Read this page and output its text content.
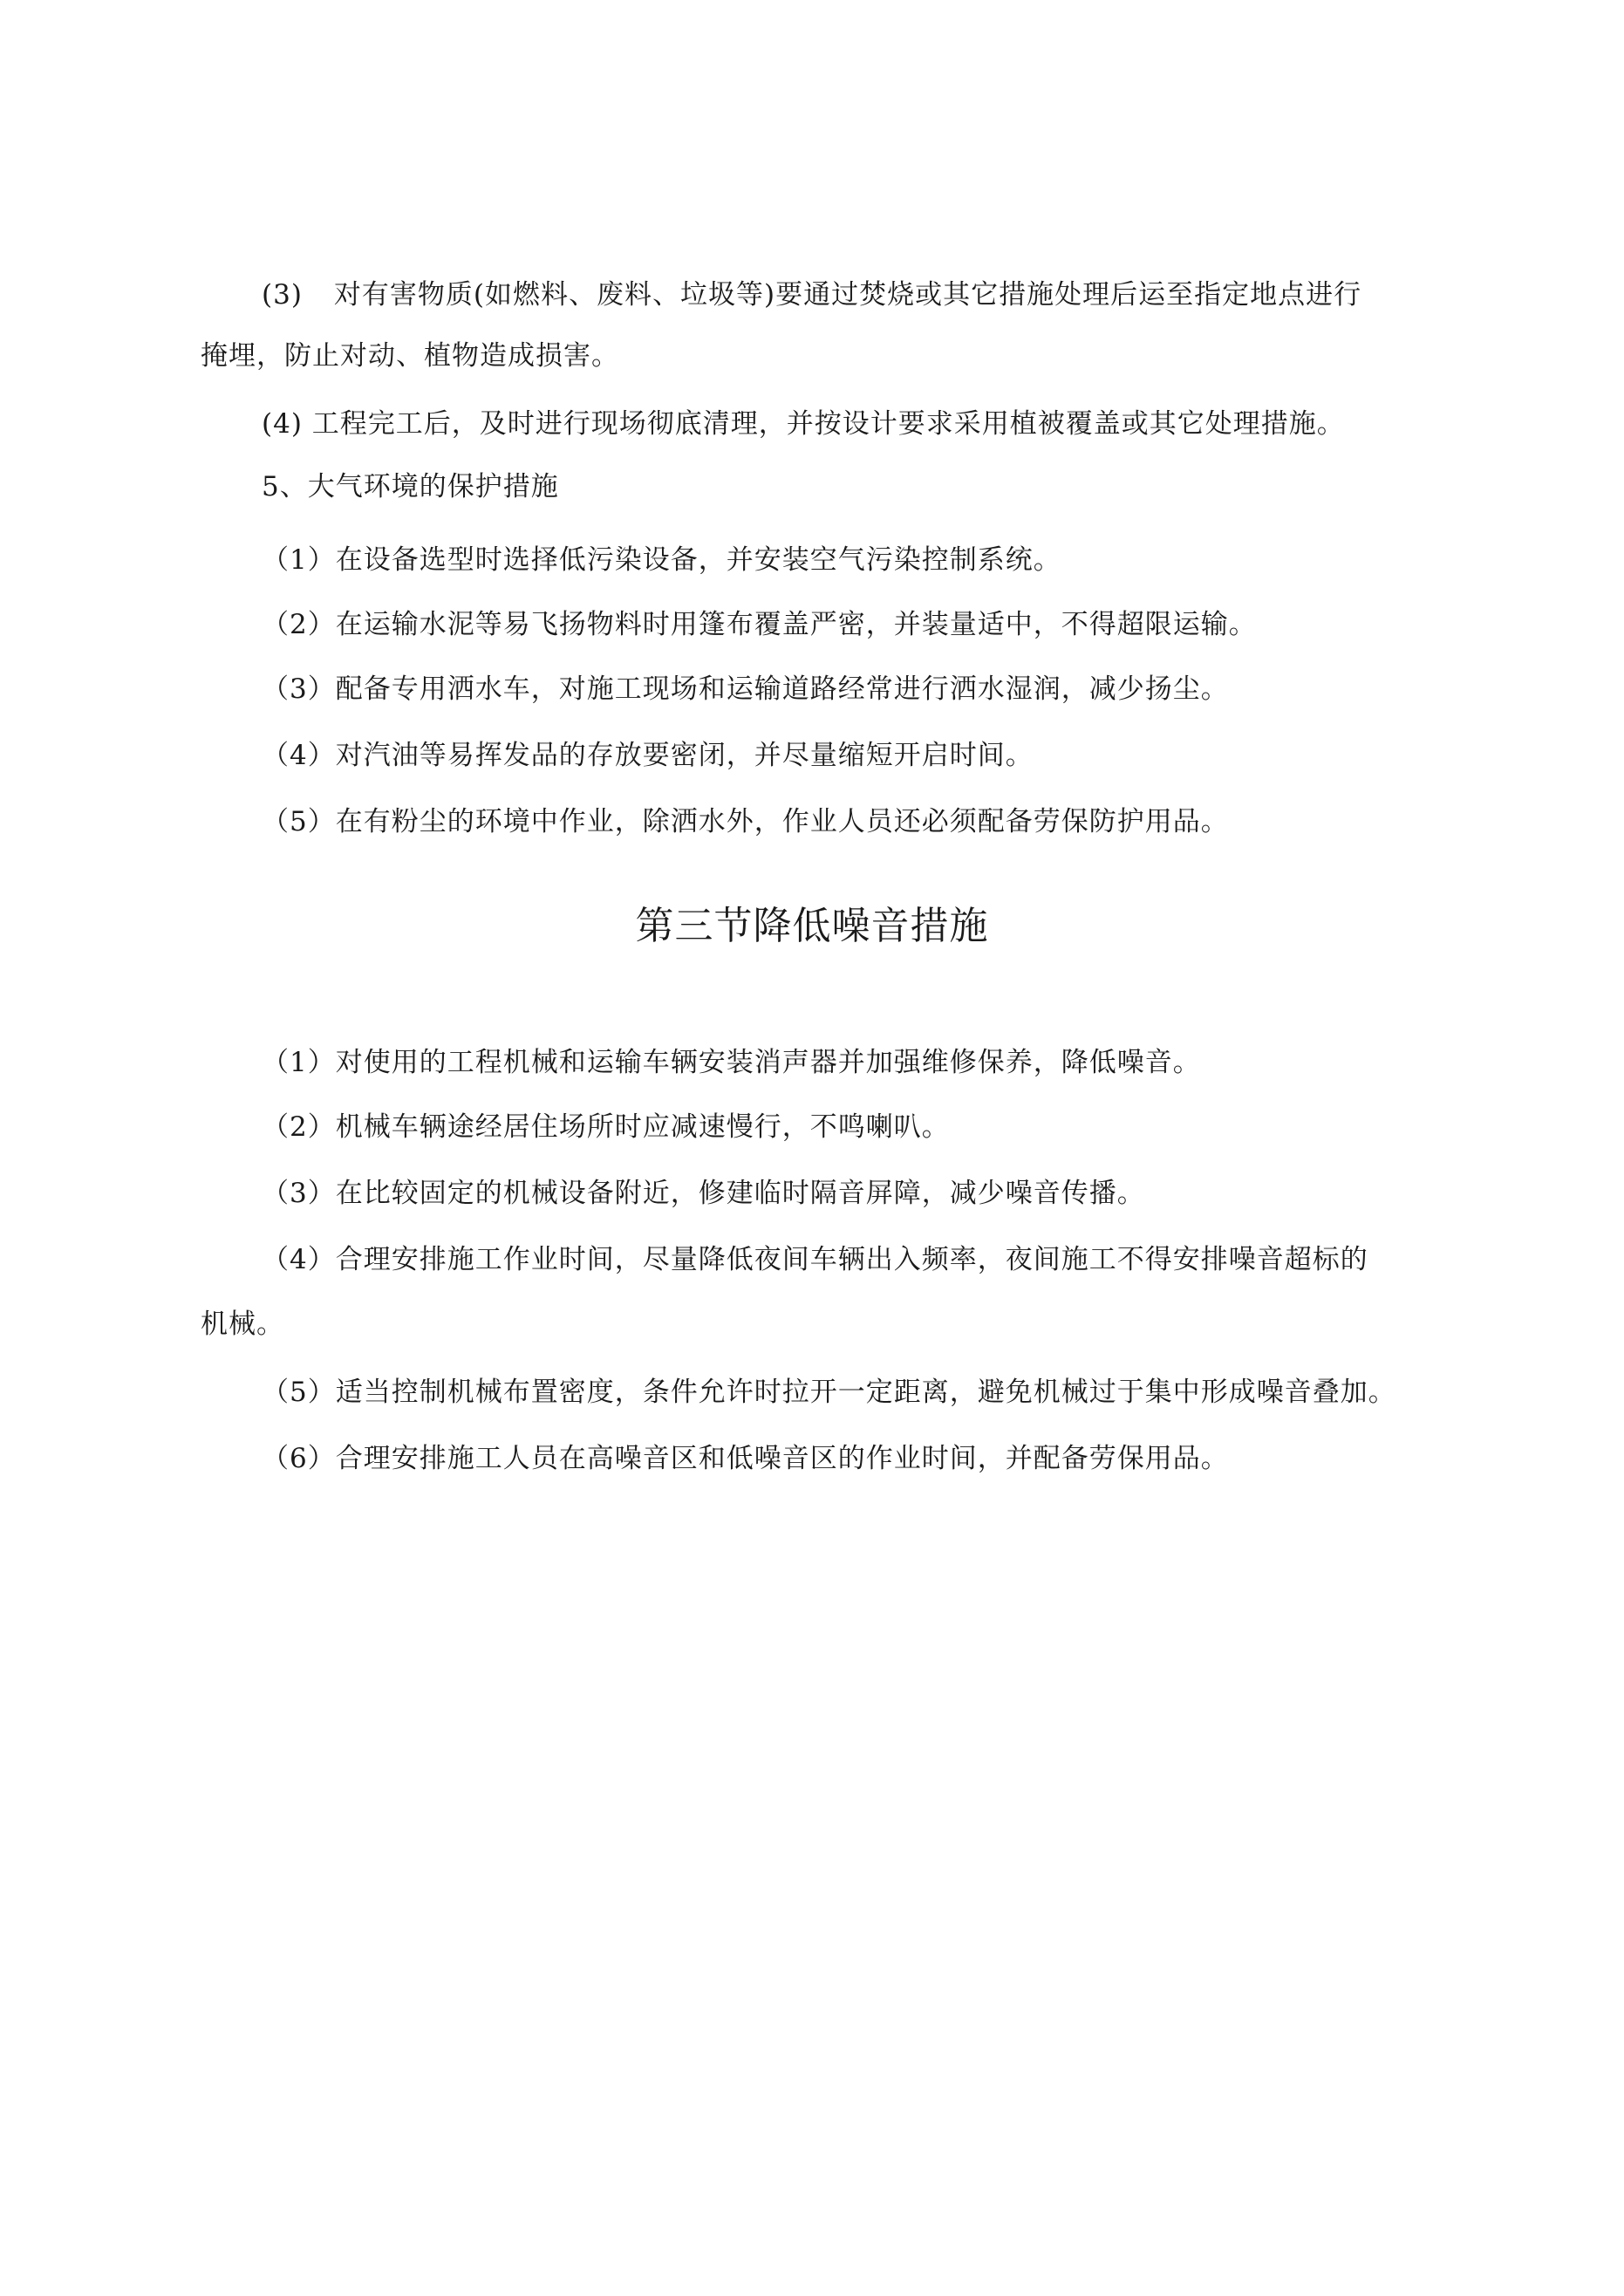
(3) 对有害物质(如燃料、废料、垃圾等)要通过焚烧或其它措施处理后运至指定地点进行
掩埋，防止对动、植物造成损害。
(4) 工程完工后，及时进行现场彻底清理，并按设计要求采用植被覆盖或其它处理措施。
5、大气环境的保护措施
（1）在设备选型时选择低污染设备，并安装空气污染控制系统。
（2）在运输水泥等易飞扬物料时用篷布覆盖严密，并装量适中，不得超限运输。
（3）配备专用洒水车，对施工现场和运输道路经常进行洒水湿润，减少扬尘。
（4）对汽油等易挥发品的存放要密闭，并尽量缩短开启时间。
（5）在有粉尘的环境中作业，除洒水外，作业人员还必须配备劳保防护用品。
第三节降低噪音措施
（1）对使用的工程机械和运输车辆安装消声器并加强维修保养，降低噪音。
（2）机械车辆途经居住场所时应减速慢行，不鸣喇叭。
（3）在比较固定的机械设备附近，修建临时隔音屏障，减少噪音传播。
（4）合理安排施工作业时间，尽量降低夜间车辆出入频率，夜间施工不得安排噪音超标的
机械。
（5）适当控制机械布置密度，条件允许时拉开一定距离，避免机械过于集中形成噪音叠加。
（6）合理安排施工人员在高噪音区和低噪音区的作业时间，并配备劳保用品。
